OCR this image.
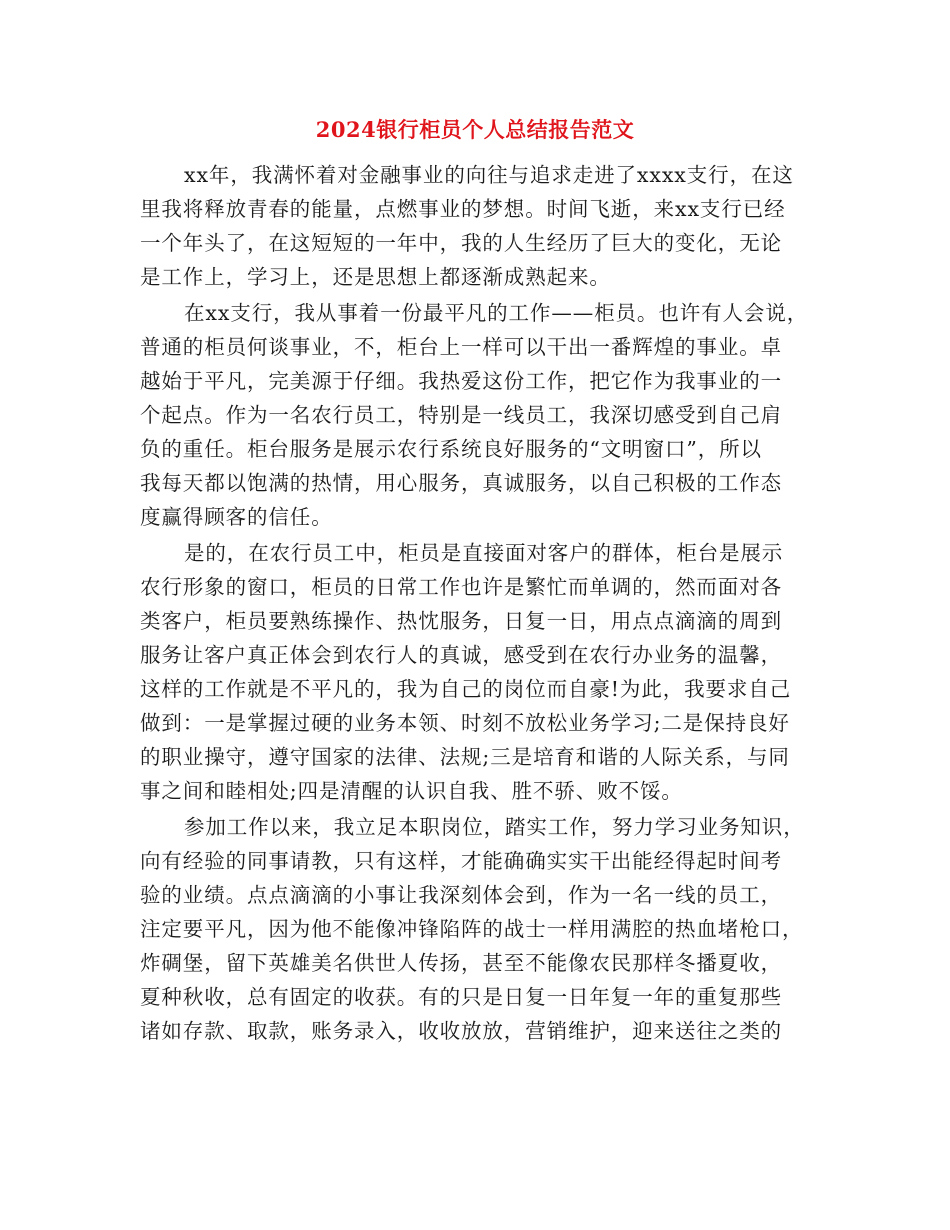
2024银行柜员个人总结报告范文
xx年，我满怀着对金融事业的向往与追求走进了xxxx支行，在这
里我将释放青春的能量，点燃事业的梦想。时间飞逝，来xx支行已经
一个年头了，在这短短的一年中，我的人生经历了巨大的变化，无论
是工作上，学习上，还是思想上都逐渐成熟起来。
在xx支行，我从事着一份最平凡的工作——柜员。也许有人会说，
普通的柜员何谈事业，不，柜台上一样可以干出一番辉煌的事业。卓
越始于平凡，完美源于仔细。我热爱这份工作，把它作为我事业的一
个起点。作为一名农行员工，特别是一线员工，我深切感受到自己肩
负的重任。柜台服务是展示农行系统良好服务的“文明窗口”，所以
我每天都以饱满的热情，用心服务，真诚服务，以自己积极的工作态
度赢得顾客的信任。
是的，在农行员工中，柜员是直接面对客户的群体，柜台是展示
农行形象的窗口，柜员的日常工作也许是繁忙而单调的，然而面对各
类客户，柜员要熟练操作、热忱服务，日复一日，用点点滴滴的周到
服务让客户真正体会到农行人的真诚，感受到在农行办业务的温馨，
这样的工作就是不平凡的，我为自己的岗位而自豪!为此，我要求自己
做到：一是掌握过硬的业务本领、时刻不放松业务学习;二是保持良好
的职业操守，遵守国家的法律、法规;三是培育和谐的人际关系，与同
事之间和睦相处;四是清醒的认识自我、胜不骄、败不馁。
参加工作以来，我立足本职岗位，踏实工作，努力学习业务知识，
向有经验的同事请教，只有这样，才能确确实实干出能经得起时间考
验的业绩。点点滴滴的小事让我深刻体会到，作为一名一线的员工，
注定要平凡，因为他不能像冲锋陷阵的战士一样用满腔的热血堵枪口，
炸碉堡，留下英雄美名供世人传扬，甚至不能像农民那样冬播夏收，
夏种秋收，总有固定的收获。有的只是日复一日年复一年的重复那些
诸如存款、取款，账务录入，收收放放，营销维护，迎来送往之类的
